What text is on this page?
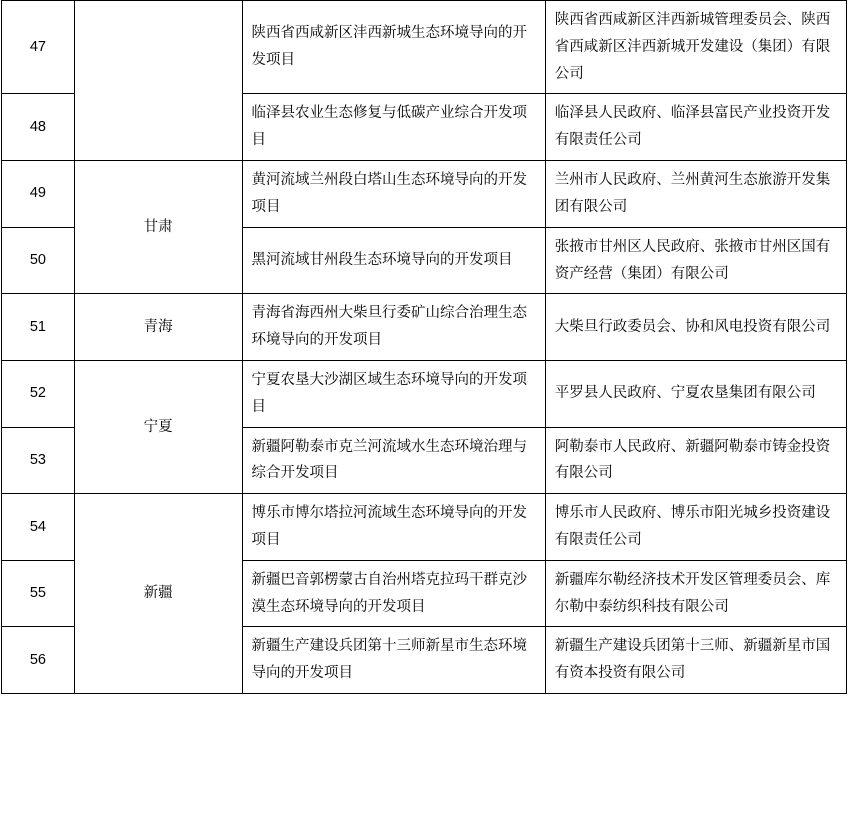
47		陕西省西咸新区沣西新城生态环境导向的开发项目	陕西省西咸新区沣西新城管理委员会、陕西省西咸新区沣西新城开发建设（集团）有限公司
48		临泽县农业生态修复与低碳产业综合开发项目	临泽县人民政府、临泽县富民产业投资开发有限责任公司
49	甘肃	黄河流域兰州段白塔山生态环境导向的开发项目	兰州市人民政府、兰州黄河生态旅游开发集团有限公司
50		黑河流域甘州段生态环境导向的开发项目	张掖市甘州区人民政府、张掖市甘州区国有资产经营（集团）有限公司
51	青海	青海省海西州大柴旦行委矿山综合治理生态环境导向的开发项目	大柴旦行政委员会、协和风电投资有限公司
52	宁夏	宁夏农垦大沙湖区域生态环境导向的开发项目	平罗县人民政府、宁夏农垦集团有限公司
53		新疆阿勒泰市克兰河流域水生态环境治理与综合开发项目	阿勒泰市人民政府、新疆阿勒泰市铸金投资有限公司
54	新疆	博乐市博尔塔拉河流域生态环境导向的开发项目	博乐市人民政府、博乐市阳光城乡投资建设有限责任公司
55		新疆巴音郭楞蒙古自治州塔克拉玛干群克沙漠生态环境导向的开发项目	新疆库尔勒经济技术开发区管理委员会、库尔勒中泰纺织科技有限公司
56		新疆生产建设兵团第十三师新星市生态环境导向的开发项目	新疆生产建设兵团第十三师、新疆新星市国有资本投资有限公司
